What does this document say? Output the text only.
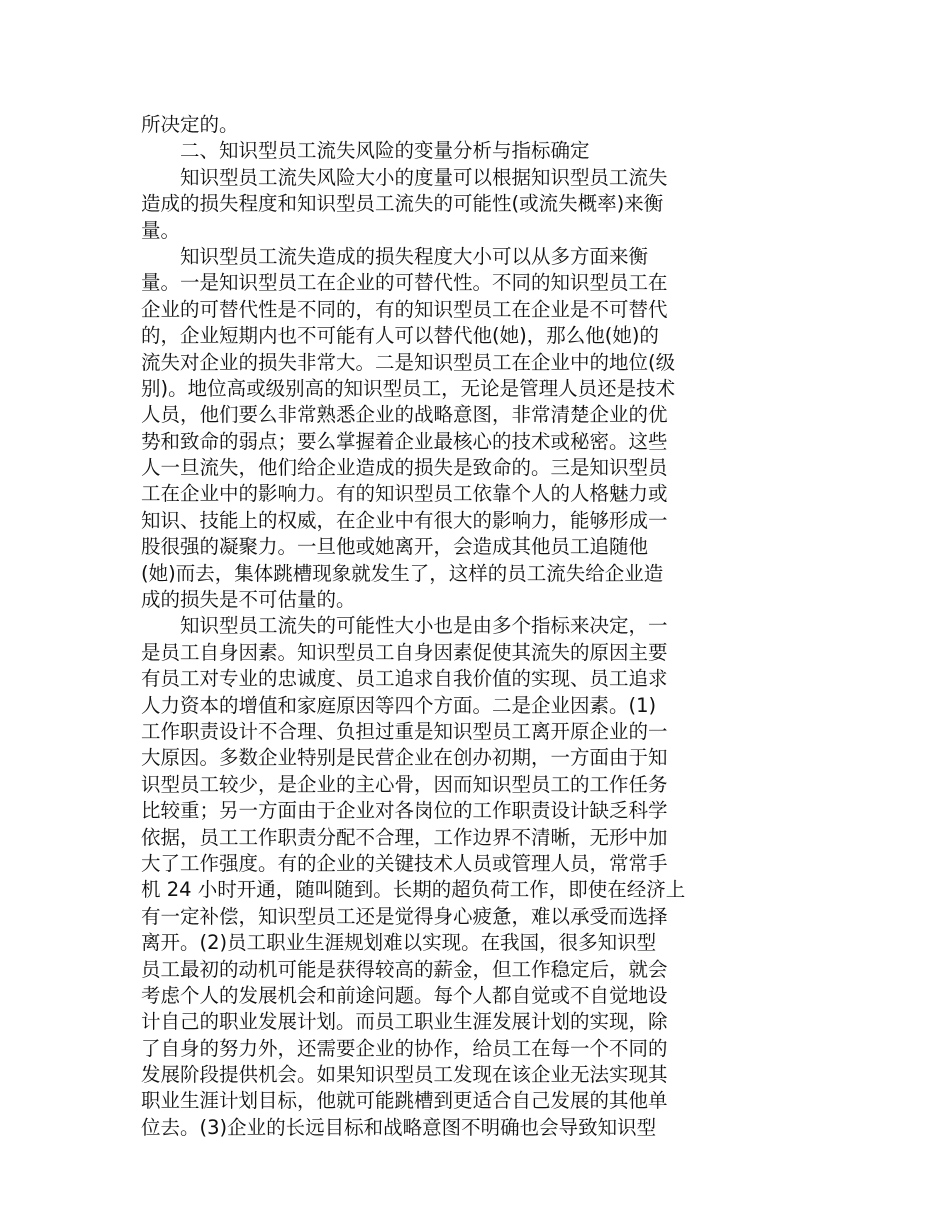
所决定的。
二、知识型员工流失风险的变量分析与指标确定
知识型员工流失风险大小的度量可以根据知识型员工流失
造成的损失程度和知识型员工流失的可能性(或流失概率)来衡
量。
知识型员工流失造成的损失程度大小可以从多方面来衡
量。一是知识型员工在企业的可替代性。不同的知识型员工在
企业的可替代性是不同的，有的知识型员工在企业是不可替代
的，企业短期内也不可能有人可以替代他(她)，那么他(她)的
流失对企业的损失非常大。二是知识型员工在企业中的地位(级
别)。地位高或级别高的知识型员工，无论是管理人员还是技术
人员，他们要么非常熟悉企业的战略意图，非常清楚企业的优
势和致命的弱点；要么掌握着企业最核心的技术或秘密。这些
人一旦流失，他们给企业造成的损失是致命的。三是知识型员
工在企业中的影响力。有的知识型员工依靠个人的人格魅力或
知识、技能上的权威，在企业中有很大的影响力，能够形成一
股很强的凝聚力。一旦他或她离开，会造成其他员工追随他
(她)而去，集体跳槽现象就发生了，这样的员工流失给企业造
成的损失是不可估量的。
知识型员工流失的可能性大小也是由多个指标来决定，一
是员工自身因素。知识型员工自身因素促使其流失的原因主要
有员工对专业的忠诚度、员工追求自我价值的实现、员工追求
人力资本的增值和家庭原因等四个方面。二是企业因素。(1)
工作职责设计不合理、负担过重是知识型员工离开原企业的一
大原因。多数企业特别是民营企业在创办初期，一方面由于知
识型员工较少，是企业的主心骨，因而知识型员工的工作任务
比较重；另一方面由于企业对各岗位的工作职责设计缺乏科学
依据，员工工作职责分配不合理，工作边界不清晰，无形中加
大了工作强度。有的企业的关键技术人员或管理人员，常常手
机 24 小时开通，随叫随到。长期的超负荷工作，即使在经济上
有一定补偿，知识型员工还是觉得身心疲惫，难以承受而选择
离开。(2)员工职业生涯规划难以实现。在我国，很多知识型
员工最初的动机可能是获得较高的薪金，但工作稳定后，就会
考虑个人的发展机会和前途问题。每个人都自觉或不自觉地设
计自己的职业发展计划。而员工职业生涯发展计划的实现，除
了自身的努力外，还需要企业的协作，给员工在每一个不同的
发展阶段提供机会。如果知识型员工发现在该企业无法实现其
职业生涯计划目标，他就可能跳槽到更适合自己发展的其他单
位去。(3)企业的长远目标和战略意图不明确也会导致知识型
